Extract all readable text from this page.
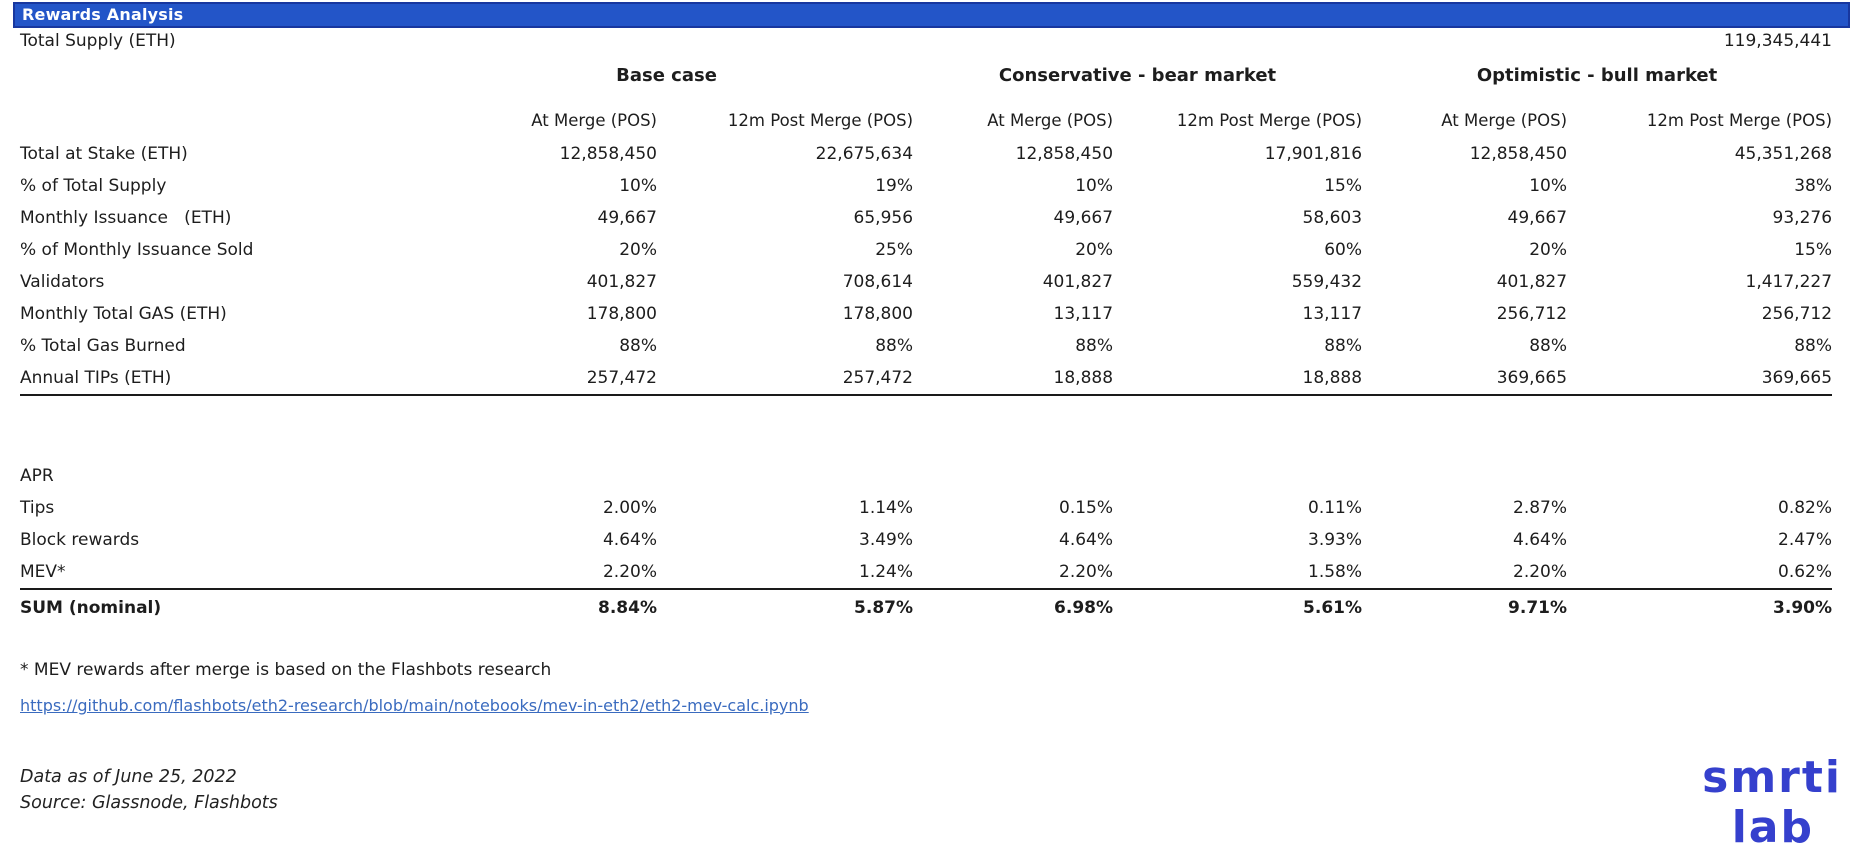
Rewards Analysis
Total Supply (ETH)	119,345,441
	Base case		Conservative - bear market		Optimistic - bull market	
	At Merge (POS)	12m Post Merge (POS)	At Merge (POS)	12m Post Merge (POS)	At Merge (POS)	12m Post Merge (POS)
Total at Stake (ETH)	12,858,450	22,675,634	12,858,450	17,901,816	12,858,450	45,351,268
% of Total Supply	10%	19%	10%	15%	10%	38%
Monthly Issuance   (ETH)	49,667	65,956	49,667	58,603	49,667	93,276
% of Monthly Issuance Sold	20%	25%	20%	60%	20%	15%
Validators	401,827	708,614	401,827	559,432	401,827	1,417,227
Monthly Total GAS (ETH)	178,800	178,800	13,117	13,117	256,712	256,712
% Total Gas Burned	88%	88%	88%	88%	88%	88%
Annual TIPs (ETH)	257,472	257,472	18,888	18,888	369,665	369,665

APR						
Tips	2.00%	1.14%	0.15%	0.11%	2.87%	0.82%
Block rewards	4.64%	3.49%	4.64%	3.93%	4.64%	2.47%
MEV*	2.20%	1.24%	2.20%	1.58%	2.20%	0.62%
SUM (nominal)	8.84%	5.87%	6.98%	5.61%	9.71%	3.90%
* MEV rewards after merge is based on the Flashbots research
https://github.com/flashbots/eth2-research/blob/main/notebooks/mev-in-eth2/eth2-mev-calc.ipynb
Data as of June 25, 2022
Source: Glassnode, Flashbots	smrti
lab
